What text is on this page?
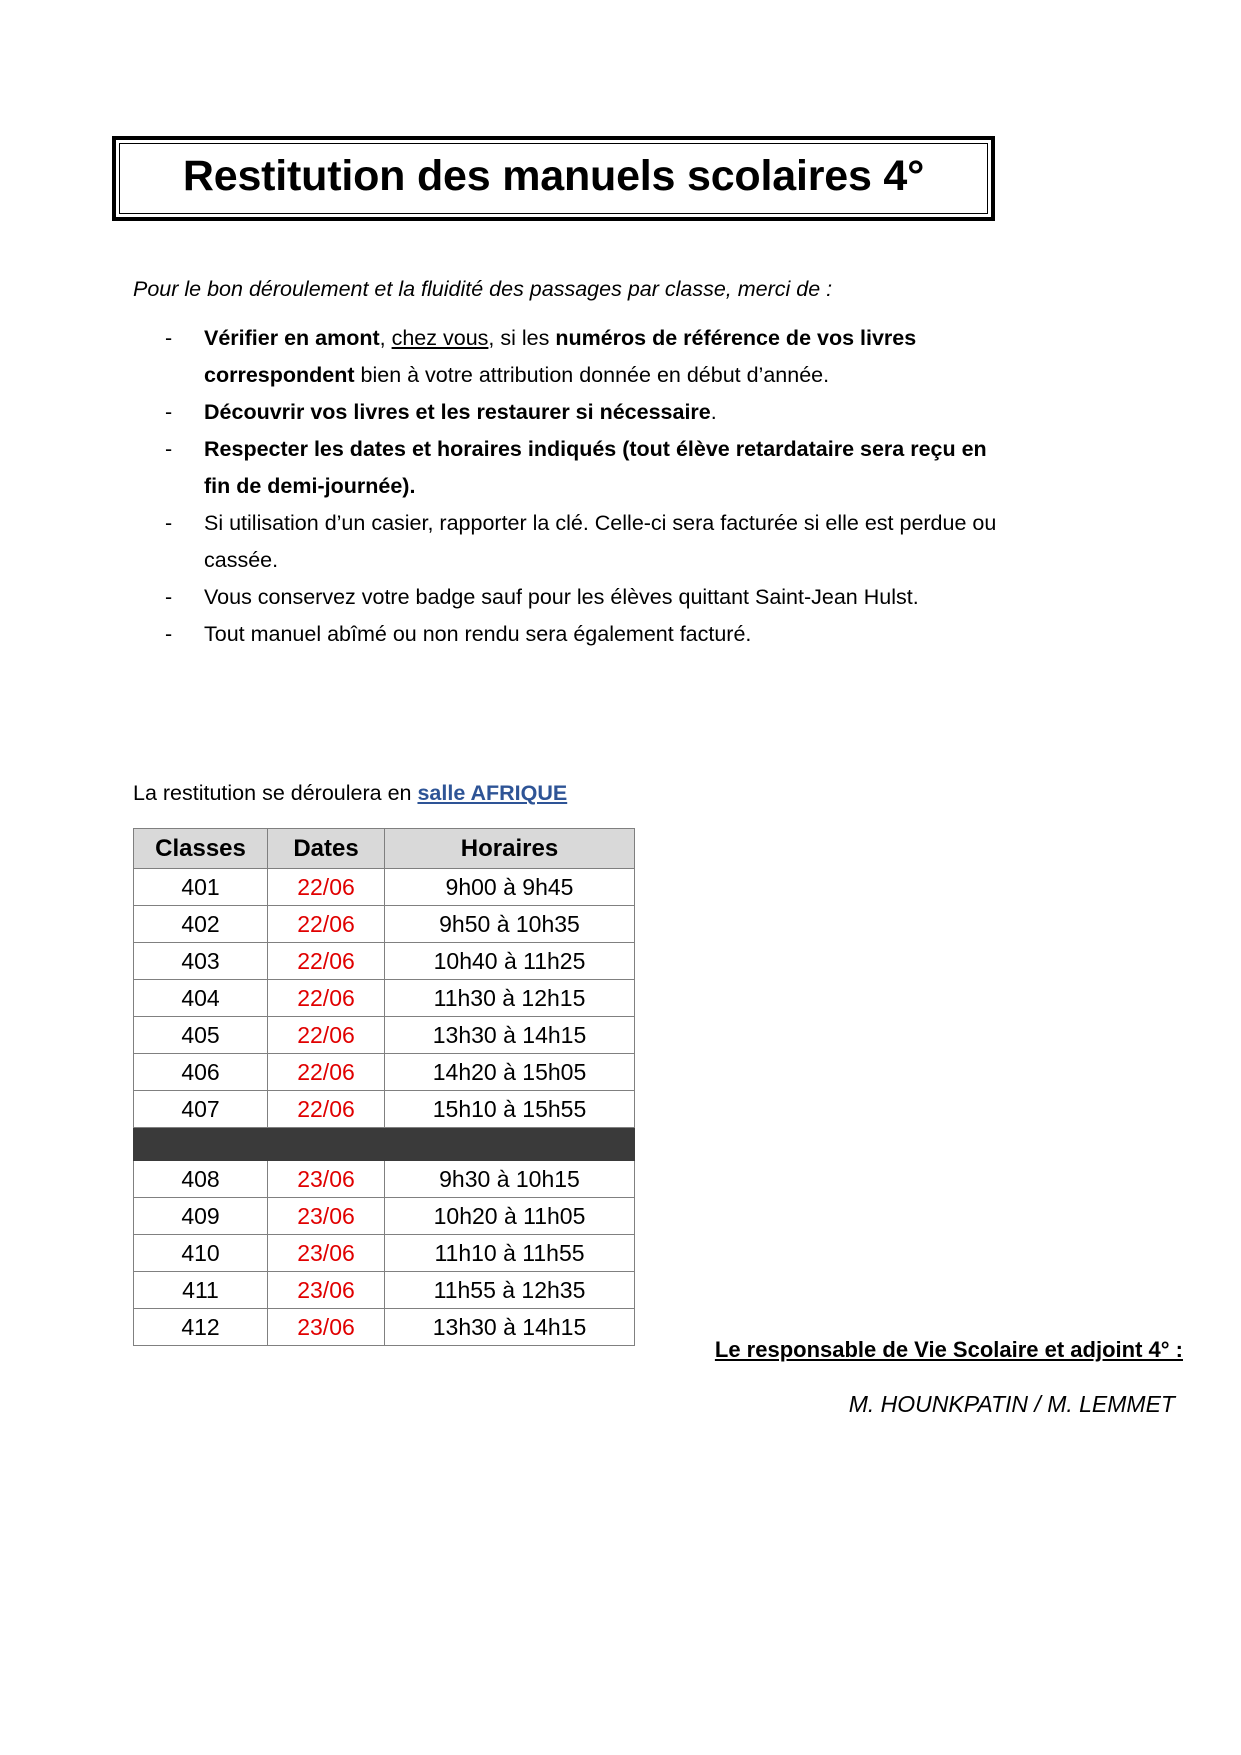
Restitution des manuels scolaires 4°

Pour le bon déroulement et la fluidité des passages par classe, merci de :

- Vérifier en amont, chez vous, si les numéros de référence de vos livres correspondent bien à votre attribution donnée en début d’année.
- Découvrir vos livres et les restaurer si nécessaire.
- Respecter les dates et horaires indiqués (tout élève retardataire sera reçu en fin de demi-journée).
- Si utilisation d’un casier, rapporter la clé. Celle-ci sera facturée si elle est perdue ou cassée.
- Vous conservez votre badge sauf pour les élèves quittant Saint-Jean Hulst.
- Tout manuel abîmé ou non rendu sera également facturé.
La restitution se déroulera en salle AFRIQUE
Classes	Dates	Horaires
401	22/06	9h00 à 9h45
402	22/06	9h50 à 10h35
403	22/06	10h40 à 11h25
404	22/06	11h30 à 12h15
405	22/06	13h30 à 14h15
406	22/06	14h20 à 15h05
407	22/06	15h10 à 15h55

408	23/06	9h30 à 10h15
409	23/06	10h20 à 11h05
410	23/06	11h10 à 11h55
411	23/06	11h55 à 12h35
412	23/06	13h30 à 14h15
Le responsable de Vie Scolaire et adjoint 4° :
M. HOUNKPATIN / M. LEMMET
